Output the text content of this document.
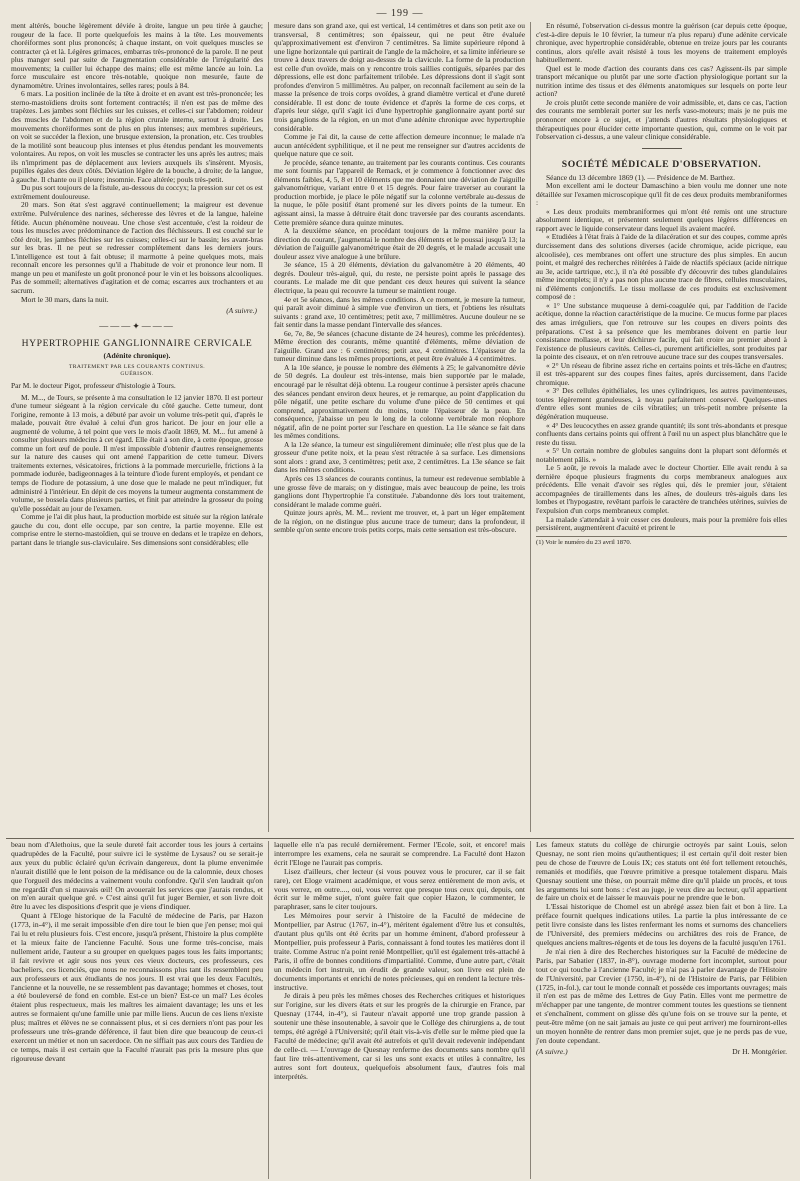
— 199 —

ment altérés, bouche légèrement déviée à droite, langue un peu tirée à gauche; rougeur de la face. Il porte quelquefois les mains à la tête. Les mouvements choréiformes sont plus prononcés; à chaque instant, on voit quelques muscles se contracter çà et là. Légères grimaces, embarras très-prononcé de la parole. Il ne peut plus manger seul par suite de l'augmentation considérable de l'irrégularité des mouvements; la cuiller lui échappe des mains; elle est même lancée au loin. La force musculaire est encore très-notable, quoique non mesurée, faute de dynamomètre. Urines involontaires, selles rares; pouls à 84.

6 mars. La position inclinée de la tête à droite et en avant est très-prononcée; les sterno-mastoïdiens droits sont fortement contractés; il n'en est pas de même des trapèzes. Les jambes sont fléchies sur les cuisses, et celles-ci sur l'abdomen; roideur des muscles de l'abdomen et de la région crurale interne, surtout à droite. Les mouvements choréiformes sont de plus en plus intenses; aux membres supérieurs, on voit se succéder la flexion, une brusque extension, la pronation, etc. Ces troubles de la motilité sont beaucoup plus intenses et plus étendus pendant les mouvements volontaires. Au repos, on voit les muscles se contracter les uns après les autres; mais ils n'impriment pas de déplacement aux leviers auxquels ils s'insèrent. Myosis, pupilles égales des deux côtés. Déviation légère de la bouche, à droite; de la langue, à gauche. Il chante ou il pleure; insomnie. Face altérée; pouls très-petit.

Du pus sort toujours de la fistule, au-dessous du coccyx; la pression sur cet os est extrêmement douloureuse.

20 mars. Son état s'est aggravé continuellement; la maigreur est devenue extrême. Pulvérulence des narines, sécheresse des lèvres et de la langue, haleine fétide. Aucun phénomène nouveau. Une chose s'est accentuée, c'est la roideur de tous les muscles avec prédominance de l'action des fléchisseurs. Il est couché sur le côté droit, les jambes fléchies sur les cuisses; celles-ci sur le bassin; les avant-bras sur les bras. Il ne peut se redresser complétement dans les derniers jours. L'intelligence est tout à fait obtuse; il marmotte à peine quelques mots, mais reconnaît encore les personnes qu'il a l'habitude de voir et prononce leur nom. Il mange un peu et manifeste un goût prononcé pour le vin et les boissons alcooliques. Pas de sommeil; alternatives d'agitation et de coma; escarres aux trochanters et au sacrum.

Mort le 30 mars, dans la nuit.

(A suivre.)
———✦———
HYPERTROPHIE GANGLIONNAIRE CERVICALE
(Adénite chronique).
TRAITEMENT PAR LES COURANTS CONTINUS.
GUÉRISON.
Par M. le docteur Pigot, professeur d'histologie à Tours.

M. M..., de Tours, se présente à ma consultation le 12 janvier 1870. Il est porteur d'une tumeur siégeant à la région cervicale du côté gauche. Cette tumeur, dont l'origine, remonte à 13 mois, a débuté par avoir un volume très-petit qui, d'après le malade, pouvait être évalué à celui d'un gros haricot. De jour en jour elle a augmenté de volume, à tel point que vers le mois d'août 1869, M. M... fut amené à consulter plusieurs médecins à cet égard. Elle était à son dire, à cette époque, grosse comme un fort œuf de poule. Il m'est impossible d'obtenir d'autres renseignements sur la nature des causes qui ont amené l'apparition de cette tumeur. Divers traitements externes, vésicatoires, frictions à la pommade mercurielle, frictions à la pommade iodurée, badigeonnages à la teinture d'iode furent employés, et pendant ce temps de l'iodure de potassium, à une dose que le malade ne peut m'indiquer, fut administré à l'intérieur. En dépit de ces moyens la tumeur augmenta constamment de volume, se bossela dans plusieurs parties, et finit par atteindre la grosseur du poing qu'elle possédait au jour de l'examen.

Comme je l'ai dit plus haut, la production morbide est située sur la région latérale gauche du cou, dont elle occupe, par son centre, la partie moyenne. Elle est comprise entre le sterno-mastoïdien, qui se trouve en dedans et le trapèze en dehors, partant dans le triangle sus-claviculaire. Ses dimensions sont considérables; elle

mesure dans son grand axe, qui est vertical, 14 centimètres et dans son petit axe ou transversal, 8 centimètres; son épaisseur, qui ne peut être évaluée qu'approximativement est d'environ 7 centimètres. Sa limite supérieure répond à une ligne horizontale qui partirait de l'angle de la mâchoire, et sa limite inférieure se trouve à deux travers de doigt au-dessus de la clavicule. La forme de la production est celle d'un ovoïde, mais on y rencontre trois saillies contiguës, séparées par des dépressions, elle est donc parfaitement trilobée. Les dépressions dont il s'agit sont profondes d'environ 5 millimètres. Au palper, on reconnaît facilement au sein de la masse la présence de trois corps ovoïdes, à grand diamètre vertical et d'une dureté considérable. Il est donc de toute évidence et d'après la forme de ces corps, et d'après leur siége, qu'il s'agit ici d'une hypertrophie ganglionnaire ayant porté sur trois ganglions de la région, en un mot d'une adénite chronique avec hypertrophie considérable.

Comme je l'ai dit, la cause de cette affection demeure inconnue; le malade n'a aucun antécédent syphilitique, et il ne peut me renseigner sur d'autres accidents de quelque nature que ce soit.

Je procède, séance tenante, au traitement par les courants continus. Ces courants me sont fournis par l'appareil de Remack, et je commence à fonctionner avec des éléments faibles, 4, 5, 8 et 10 éléments que me donnaient une déviation de l'aiguille galvanométrique, variant entre 0 et 15 degrés. Pour faire traverser au courant la production morbide, je place le pôle négatif sur la colonne vertébrale au-dessus de la nuque, le pôle positif étant promené sur les divers points de la tumeur. En agissant ainsi, la masse à détruire était donc traversée par des courants ascendants. Cette première séance dura quinze minutes.

A la deuxième séance, en procédant toujours de la même manière pour la direction du courant, j'augmentai le nombre des éléments et le poussai jusqu'à 13; la déviation de l'aiguille galvanométrique était de 20 degrés, et le malade accusait une douleur assez vive analogue à une brûlure.

3e séance, 15 à 20 éléments, déviation du galvanomètre à 20 éléments, 40 degrés. Douleur très-aiguë, qui, du reste, ne persiste point après le passage des courants. Le malade me dit que pendant ces deux heures qui suivent la séance électrique, la peau qui recouvre la tumeur se maintient rouge.

4e et 5e séances, dans les mêmes conditions. A ce moment, je mesure la tumeur, qui paraît avoir diminué à simple vue d'environ un tiers, et j'obtiens les résultats suivants : grand axe, 10 centimètres; petit axe, 7 millimètres. Aucune douleur ne se fait sentir dans la masse pendant l'intervalle des séances.

6e, 7e, 8e, 9e séances (chacune distante de 24 heures), comme les précédentes). Même érection des courants, même quantité d'éléments, même déviation de l'aiguille. Grand axe : 6 centimètres; petit axe, 4 centimètres. L'épaisseur de la tumeur diminue dans les mêmes proportions, et peut être évaluée à 4 centimètres.

A la 10e séance, je pousse le nombre des éléments à 25; le galvanomètre dévie de 50 degrés. La douleur est très-intense, mais bien supportée par le malade, encouragé par le résultat déjà obtenu. La rougeur continue à persister après chacune des séances pendant environ deux heures, et je remarque, au point d'application du pôle négatif, une petite eschare du volume d'une pièce de 50 centimes et qui comprend, approximativement du moins, toute l'épaisseur de la peau. En conséquence, j'abaisse un peu le long de la colonne vertébrale mon réophore négatif, afin de ne point porter sur l'eschare en question. La 11e séance se fait dans les mêmes conditions.

A la 12e séance, la tumeur est singulièrement diminuée; elle n'est plus que de la grosseur d'une petite noix, et la peau s'est rétractée à sa surface. Les dimensions sont alors : grand axe, 3 centimètres; petit axe, 2 centimètres. La 13e séance se fait dans les mêmes conditions.

Après ces 13 séances de courants continus, la tumeur est redevenue semblable à une grosse fève de marais; on y distingue, mais avec beaucoup de peine, les trois ganglions dont l'hypertrophie l'a constituée. J'abandonne dès lors tout traitement, considérant le malade comme guéri.

Quinze jours après, M. M... revient me trouver, et, à part un léger empâtement de la région, on ne distingue plus aucune trace de tumeur; dans la profondeur, il semble qu'on sente encore trois petits corps, mais cette sensation est très-obscure.

En résumé, l'observation ci-dessus montre la guérison (car depuis cette époque, c'est-à-dire depuis le 10 février, la tumeur n'a plus reparu) d'une adénite cervicale chronique, avec hypertrophie considérable, obtenue en treize jours par les courants continus, alors qu'elle avait résisté à tous les moyens de traitement employés habituellement.

Quel est le mode d'action des courants dans ces cas? Agissent-ils par simple transport mécanique ou plutôt par une sorte d'action physiologique portant sur la nutrition intime des tissus et des éléments anatomiques sur lesquels on porte leur action?

Je crois plutôt cette seconde manière de voir admissible, et, dans ce cas, l'action des courants me semblerait porter sur les nerfs vaso-moteurs; mais je ne puis me prononcer encore à ce sujet, et j'attends d'autres résultats physiologiques et thérapeutiques pour élucider cette importante question, qui, comme on le voit par l'observation ci-dessus, a une valeur clinique considérable.

SOCIÉTÉ MÉDICALE D'OBSERVATION.

Séance du 13 décembre 1869 (1). — Présidence de M. Barthez.

Mon excellent ami le docteur Damaschino a bien voulu me donner une note détaillée sur l'examen microscopique qu'il fit de ces deux produits membraniformes :

« Les deux produits membraniformes qui m'ont été remis ont une structure absolument identique, et présentent seulement quelques légères différences en rapport avec le liquide conservateur dans lequel ils avaient macéré.

« Etudiées à l'état frais à l'aide de la dilacération et sur des coupes, comme après durcissement dans des solutions diverses (acide chromique, acide picrique, eau alcoolisée), ces membranes ont offert une structure des plus simples. En aucun point, et malgré des recherches réitérées à l'aide de réactifs spéciaux (acide nitrique au 3e, acide tartrique, etc.), il n'a été possible d'y découvrir des tubes glandulaires même incomplets; il n'y a pas non plus aucune trace de fibres, cellules musculaires, ni d'éléments conjonctifs. Le tissu mollasse de ces produits est exclusivement composé de :

« 1° Une substance muqueuse à demi-coagulée qui, par l'addition de l'acide acétique, donne la réaction caractéristique de la mucine. Ce mucus forme par places des amas irréguliers, que l'on retrouve sur les coupes en divers points des préparations. C'est à sa présence que les membranes doivent en partie leur consistance mollasse, et leur déchirure facile, qui fait croire au premier abord à l'existence de plusieurs cavités. Celles-ci, purement artificielles, sont produites par la pointe des ciseaux, et on n'en retrouve aucune trace sur des coupes transversales.

« 2° Un réseau de fibrine assez riche en certains points et très-lâche en d'autres; il est très-apparent sur des coupes fines faites, après durcissement, dans l'acide chromique.

« 3° Des cellules épithéliales, les unes cylindriques, les autres pavimenteuses, toutes légèrement granuleuses, à noyau parfaitement conservé. Quelques-unes d'entre elles sont munies de cils vibratiles; un très-petit nombre présente la dégénération muqueuse.

« 4° Des leucocythes en assez grande quantité; ils sont très-abondants et presque confluents dans certains points qui offrent à l'œil nu un aspect plus blanchâtre que le reste du tissu.

« 5° Un certain nombre de globules sanguins dont la plupart sont déformés et notablement pâlis. »

Le 5 août, je revois la malade avec le docteur Chortier. Elle avait rendu à sa dernière époque plusieurs fragments du corps membraneux analogues aux précédents. Elle venait d'avoir ses règles qui, dès le premier jour, s'étaient accompagnées de tiraillements dans les aînes, de douleurs très-aiguës dans les lombes et l'hypogastre, revêtant parfois le caractère de tranchées utérines, suivies de l'expulsion d'un corps membraneux complet.

La malade s'attendait à voir cesser ces douleurs, mais pour la première fois elles persistèrent, augmentèrent d'acuité et prirent le

(1) Voir le numéro du 23 avril 1870.

beau nom d'Alethoius, que la seule dureté fait accorder tous les jours à certains quadrupèdes de la Faculté, pour suivre ici le système de Lysaus? ou se serait-je aux yeux du public éclairé qu'un écrivain dangereux, dont la plume envenimée n'aurait distillé que le lent poison de la médisance ou de la calomnie, deux choses que l'orgueil des médecins a vainement voulu confondre. Qu'il s'en laudrait qu'on me regardât d'un si mauvais œil! On avouerait les services que j'aurais rendus, et on m'en aurait quelque gré. » C'est ainsi qu'il fut juger Bernier, et son livre doit être lu avec les dispositions d'esprit que je viens d'indiquer.

Quant à l'Eloge historique de la Faculté de médecine de Paris, par Hazon (1773, in-4°), il me serait impossible d'en dire tout le bien que j'en pense; moi qui l'ai lu et relu plusieurs fois. C'est encore, jusqu'à présent, l'histoire la plus complète et la mieux faite de l'ancienne Faculté. Sous une forme très-concise, mais nullement aride, l'auteur a su grouper en quelques pages tous les faits importants; il fait revivre et agir sous nos yeux ces vieux docteurs, ces professeurs, ces bacheliers, ces licenciés, que nous ne reconnaissons plus tant ils ressemblent peu aux professeurs et aux étudiants de nos jours. Il est vrai que les deux Facultés, l'ancienne et la nouvelle, ne se ressemblent pas davantage; hommes et choses, tout a été bouleversé de fond en comble. Est-ce un bien? Est-ce un mal? Les écoles étaient plus respectueux, mais les maîtres les aimaient davantage; les uns et les autres se formaient qu'une famille unie par mille liens. Aucun de ces liens n'existe plus; maîtres et élèves ne se connaissent plus, et si ces derniers n'ont pas pour les professeurs une très-grande déférence, il faut bien dire que beaucoup de ceux-ci exercent un métier et non un sacerdoce. On ne siffiait pas aux cours des Tardieu de ce temps, mais il est certain que la Faculté n'aurait pas pris la mesure plus que rigoureuse devant

laquelle elle n'a pas reculé dernièrement. Fermer l'Ecole, soit, et encore! mais interrompre les examens, cela ne saurait se comprendre. La Faculté dont Hazon écrit l'Eloge ne l'aurait pas compris.

Lisez d'ailleurs, cher lecteur (si vous pouvez vous le procurer, car il se fait rare), cet Eloge vraiment académique, et vous serez entièrement de mon avis, et vous verrez, en outre...., oui, vous verrez que presque tous ceux qui, depuis, ont écrit sur le même sujet, n'ont guère fait que copier Hazon, le commenter, le paraphraser, sans le citer toujours.

Les Mémoires pour servir à l'histoire de la Faculté de médecine de Montpellier, par Astruc (1767, in-4°), méritent également d'être lus et consultés, d'autant plus qu'ils ont été écrits par un homme éminent, d'abord professeur à Montpellier, puis professeur à Paris, connaissant à fond toutes les matières dont il traite. Comme Astruc n'a point renié Montpellier, qu'il est également très-attaché à Paris, il offre de bonnes conditions d'impartialité. Comme, d'une autre part, c'était un médecin fort instruit, un érudit de grande valeur, son livre est plein de documents importants et enrichi de notes précieuses, qui en rendent la lecture très-instructive.

Je dirais à peu près les mêmes choses des Recherches critiques et historiques sur l'origine, sur les divers états et sur les progrès de la chirurgie en France, par Quesnay (1744, in-4°), si l'auteur n'avait apporté une trop grande passion à soutenir une thèse insoutenable, à savoir que le Collége des chirurgiens a, de tout temps, été agrégé à l'Université; qu'il était vis-à-vis d'elle sur le même pied que la Faculté de médecine; qu'il avait été autrefois et qu'il devait redevenir indépendant de celle-ci. — L'ouvrage de Quesnay renferme des documents sans nombre qu'il faut lire très-attentivement, car si les uns sont exacts et utiles à connaître, les autres sont fort douteux, quelquefois absolument faux, d'autres fois mal interprétés.

Les fameux statuts du collège de chirurgie octroyés par saint Louis, selon Quesnay, ne sont rien moins qu'authentiques; il est certain qu'il doit rester bien peu de chose de l'œuvre de Louis IX; ces statuts ont été fort tellement retouchés, remaniés et modifiés, que l'œuvre primitive a presque totalement disparu. Mais Quesnay soutient une thèse, on pourrait même dire qu'il plaide un procès, et tous les arguments lui sont bons : c'est au juge, je veux dire au lecteur, qu'il appartient de faire un choix et de laisser le mauvais pour ne prendre que le bon.

L'Essai historique de Chomel est un abrégé assez bien fait et bon à lire. La préface fournit quelques indications utiles. La partie la plus intéressante de ce petit livre consiste dans les listes renfermant les noms et surnoms des chanceliers de l'Université, des premiers médecins ou archiâtres des rois de France, de quelques anciens maîtres-régents et de tous les doyens de la faculté jusqu'en 1761.

Je n'ai rien à dire des Recherches historiques sur la Faculté de médecine de Paris, par Sabatier (1837, in-8°), ouvrage moderne fort incomplet, surtout pour tout ce qui touche à l'ancienne Faculté; je n'ai pas à parler davantage de l'Histoire de l'Université, par Crevier (1750, in-4°), ni de l'Histoire de Paris, par Félibien (1725, in-fol.), car tout le monde connaît et possède ces importants ouvrages; mais il n'en est pas de même des Lettres de Guy Patin. Elles vont me permettre de m'échapper par une tangente, de montrer comment toutes les questions se tiennent et s'enchaînent, comment on glisse dès qu'une fois on se trouve sur la pente, et peut-être même (on ne sait jamais au juste ce qui peut arriver) me fourniront-elles un moyen honnête de rentrer dans mon premier sujet, que je ne perds pas de vue, j'en doute cependant.

(A suivre.)	Dr H. Montgérier.
